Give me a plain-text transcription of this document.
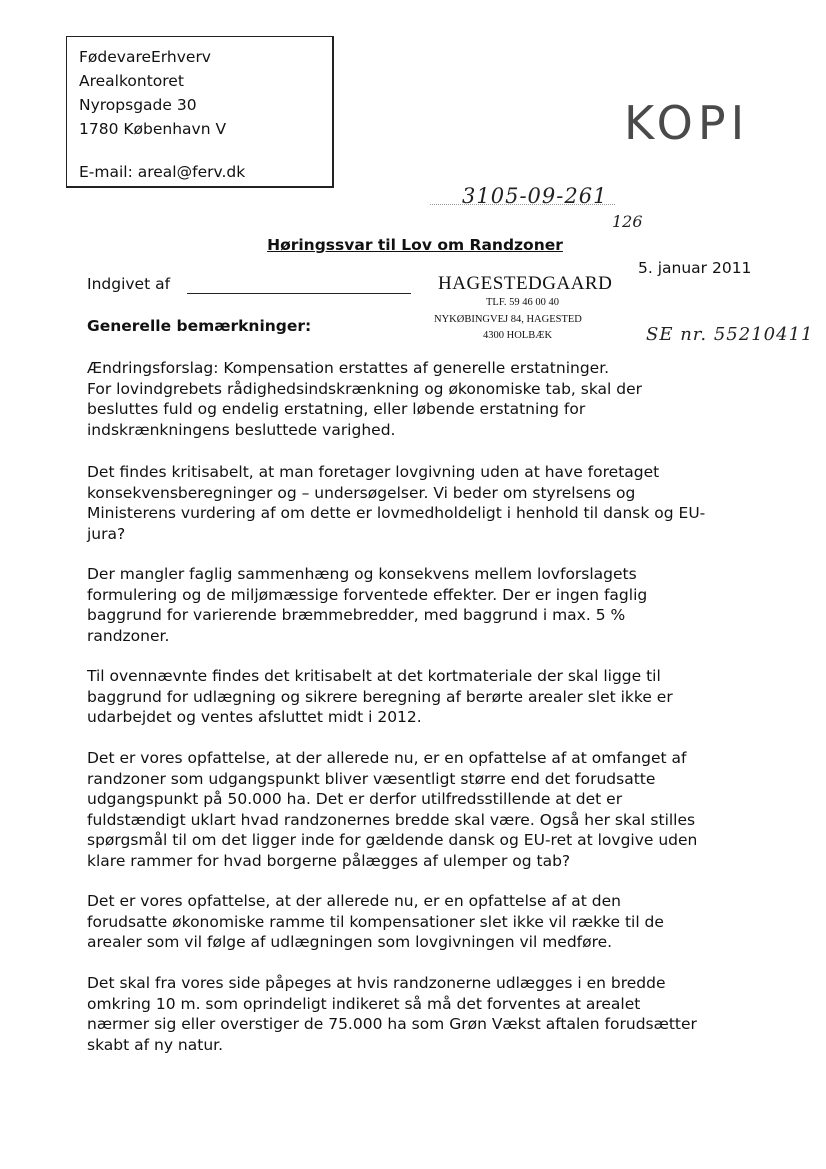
FødevareErhverv
Arealkontoret
Nyropsgade 30
1780 København V
E-mail: areal@ferv.dk
KOPI
3105-09-261
126
Høringssvar til Lov om Randzoner
5. januar 2011
Indgivet af	HAGESTEDGAARD
TLF. 59 46 00 40
NYKØBINGVEJ 84, HAGESTED
4300 HOLBÆK	SE nr. 55210411
Generelle bemærkninger:
Ændringsforslag: Kompensation erstattes af generelle erstatninger.
For lovindgrebets rådighedsindskrænkning og økonomiske tab, skal der
besluttes fuld og endelig erstatning, eller løbende erstatning for
indskrænkningens besluttede varighed.
Det findes kritisabelt, at man foretager lovgivning uden at have foretaget
konsekvensberegninger og – undersøgelser. Vi beder om styrelsens og
Ministerens vurdering af om dette er lovmedholdeligt i henhold til dansk og EU-
jura?
Der mangler faglig sammenhæng og konsekvens mellem lovforslagets
formulering og de miljømæssige forventede effekter. Der er ingen faglig
baggrund for varierende bræmmebredder, med baggrund i max. 5 %
randzoner.
Til ovennævnte findes det kritisabelt at det kortmateriale der skal ligge til
baggrund for udlægning og sikrere beregning af berørte arealer slet ikke er
udarbejdet og ventes afsluttet midt i 2012.
Det er vores opfattelse, at der allerede nu, er en opfattelse af at omfanget af
randzoner som udgangspunkt bliver væsentligt større end det forudsatte
udgangspunkt på 50.000 ha. Det er derfor utilfredsstillende at det er
fuldstændigt uklart hvad randzonernes bredde skal være. Også her skal stilles
spørgsmål til om det ligger inde for gældende dansk og EU-ret at lovgive uden
klare rammer for hvad borgerne pålægges af ulemper og tab?
Det er vores opfattelse, at der allerede nu, er en opfattelse af at den
forudsatte økonomiske ramme til kompensationer slet ikke vil række til de
arealer som vil følge af udlægningen som lovgivningen vil medføre.
Det skal fra vores side påpeges at hvis randzonerne udlægges i en bredde
omkring 10 m. som oprindeligt indikeret så må det forventes at arealet
nærmer sig eller overstiger de 75.000 ha som Grøn Vækst aftalen forudsætter
skabt af ny natur.
